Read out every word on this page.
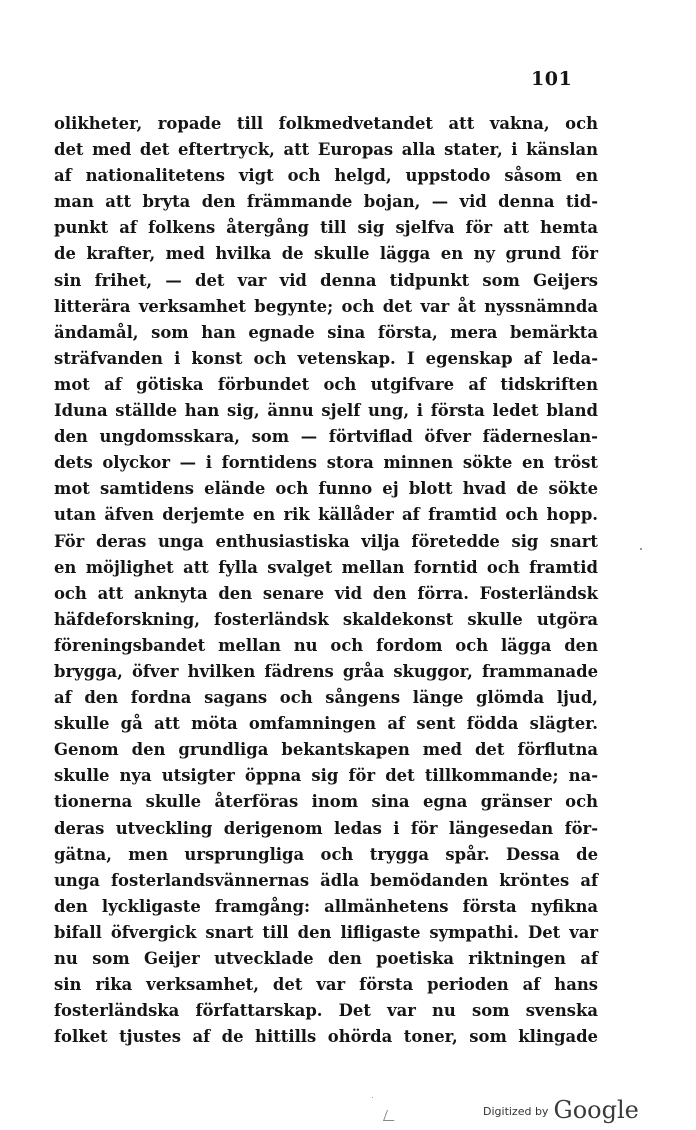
101
olikheter, ropade till folkmedvetandet att vakna, och
det med det eftertryck, att Europas alla stater, i känslan
af nationalitetens vigt och helgd, uppstodo såsom en
man att bryta den främmande bojan, — vid denna tid-
punkt af folkens återgång till sig sjelfva för att hemta
de krafter, med hvilka de skulle lägga en ny grund för
sin frihet, — det var vid denna tidpunkt som Geijers
litterära verksamhet begynte; och det var åt nyssnämnda
ändamål, som han egnade sina första, mera bemärkta
sträfvanden i konst och vetenskap. I egenskap af leda-
mot af götiska förbundet och utgifvare af tidskriften
Iduna ställde han sig, ännu sjelf ung, i första ledet bland
den ungdomsskara, som — förtviflad öfver fäderneslan-
dets olyckor — i forntidens stora minnen sökte en tröst
mot samtidens elände och funno ej blott hvad de sökte
utan äfven derjemte en rik källåder af framtid och hopp.
För deras unga enthusiastiska vilja företedde sig snart
en möjlighet att fylla svalget mellan forntid och framtid
och att anknyta den senare vid den förra. Fosterländsk
häfdeforskning, fosterländsk skaldekonst skulle utgöra
föreningsbandet mellan nu och fordom och lägga den
brygga, öfver hvilken fädrens gråa skuggor, frammanade
af den fordna sagans och sångens länge glömda ljud,
skulle gå att möta omfamningen af sent födda slägter.
Genom den grundliga bekantskapen med det förflutna
skulle nya utsigter öppna sig för det tillkommande; na-
tionerna skulle återföras inom sina egna gränser och
deras utveckling derigenom ledas i för längesedan för-
gätna, men ursprungliga och trygga spår. Dessa de
unga fosterlandsvännernas ädla bemödanden kröntes af
den lyckligaste framgång: allmänhetens första nyfikna
bifall öfvergick snart till den lifligaste sympathi. Det var
nu som Geijer utvecklade den poetiska riktningen af
sin rika verksamhet, det var första perioden af hans
fosterländska författarskap. Det var nu som svenska
folket tjustes af de hittills ohörda toner, som klingade
Digitized by Google
